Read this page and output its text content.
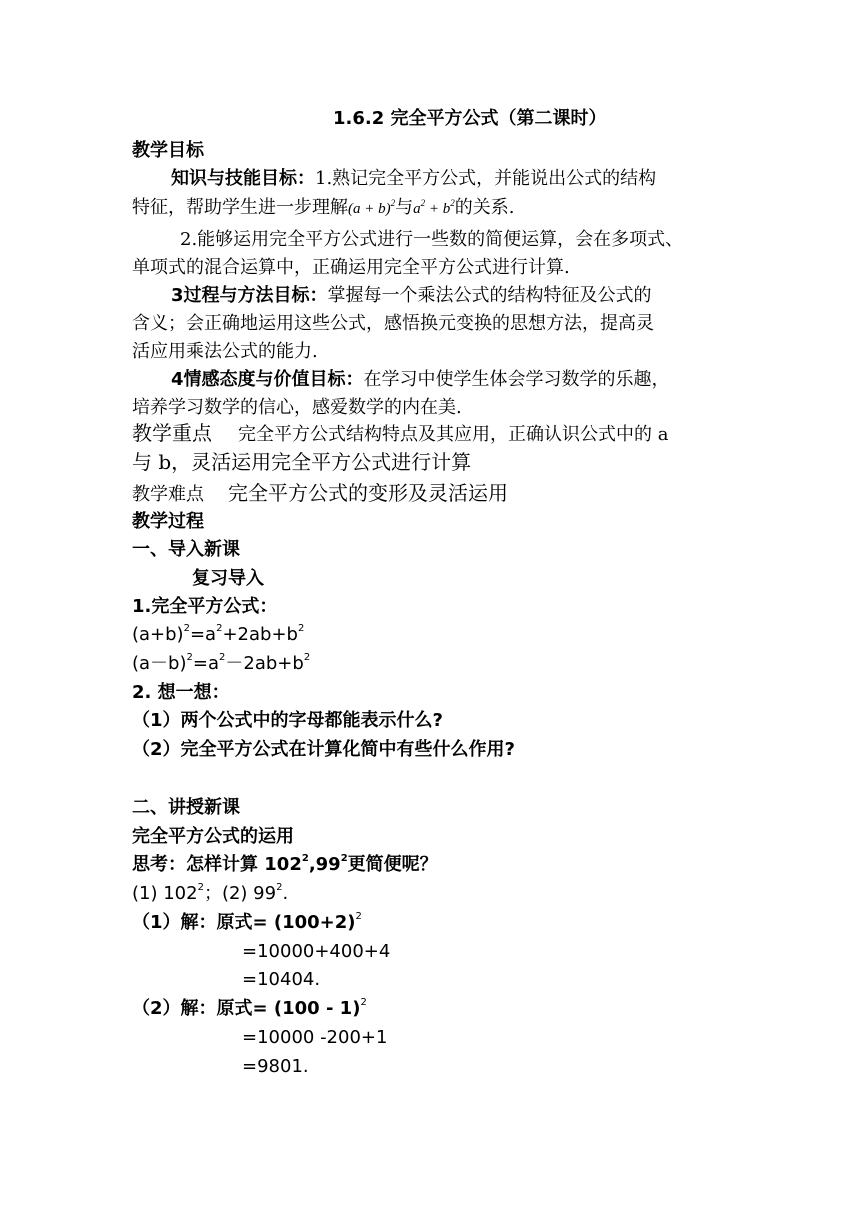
1.6.2 完全平方公式（第二课时）
教学目标
知识与技能目标：1.熟记完全平方公式，并能说出公式的结构
特征，帮助学生进一步理解$(a + b)^2$与$a^2 + b^2$的关系.
2.能够运用完全平方公式进行一些数的简便运算，会在多项式、
单项式的混合运算中，正确运用完全平方公式进行计算.
3过程与方法目标：掌握每一个乘法公式的结构特征及公式的
含义；会正确地运用这些公式，感悟换元变换的思想方法，提高灵
活应用乘法公式的能力.
4情感态度与价值目标：在学习中使学生体会学习数学的乐趣，
培养学习数学的信心，感爱数学的内在美.
教学重点 完全平方公式结构特点及其应用，正确认识公式中的 a
与 b，灵活运用完全平方公式进行计算
教学难点 完全平方公式的变形及灵活运用
教学过程
一、导入新课
复习导入
1.完全平方公式：
$(a+b)^2=a^2+2ab+b^2$
$(a-b)^2=a^2-2ab+b^2$
2. 想一想：
（1）两个公式中的字母都能表示什么?
（2）完全平方公式在计算化简中有些什么作用?
二、讲授新课
完全平方公式的运用
思考：怎样计算 $102^2,99^2$更简便呢？
(1) $102^2$；(2) $99^2$.
（1）解：原式= $(100+2)^2$
=10000+400+4
=10404.
（2）解：原式= (100 - 1)$^2$
=10000 -200+1
=9801.
